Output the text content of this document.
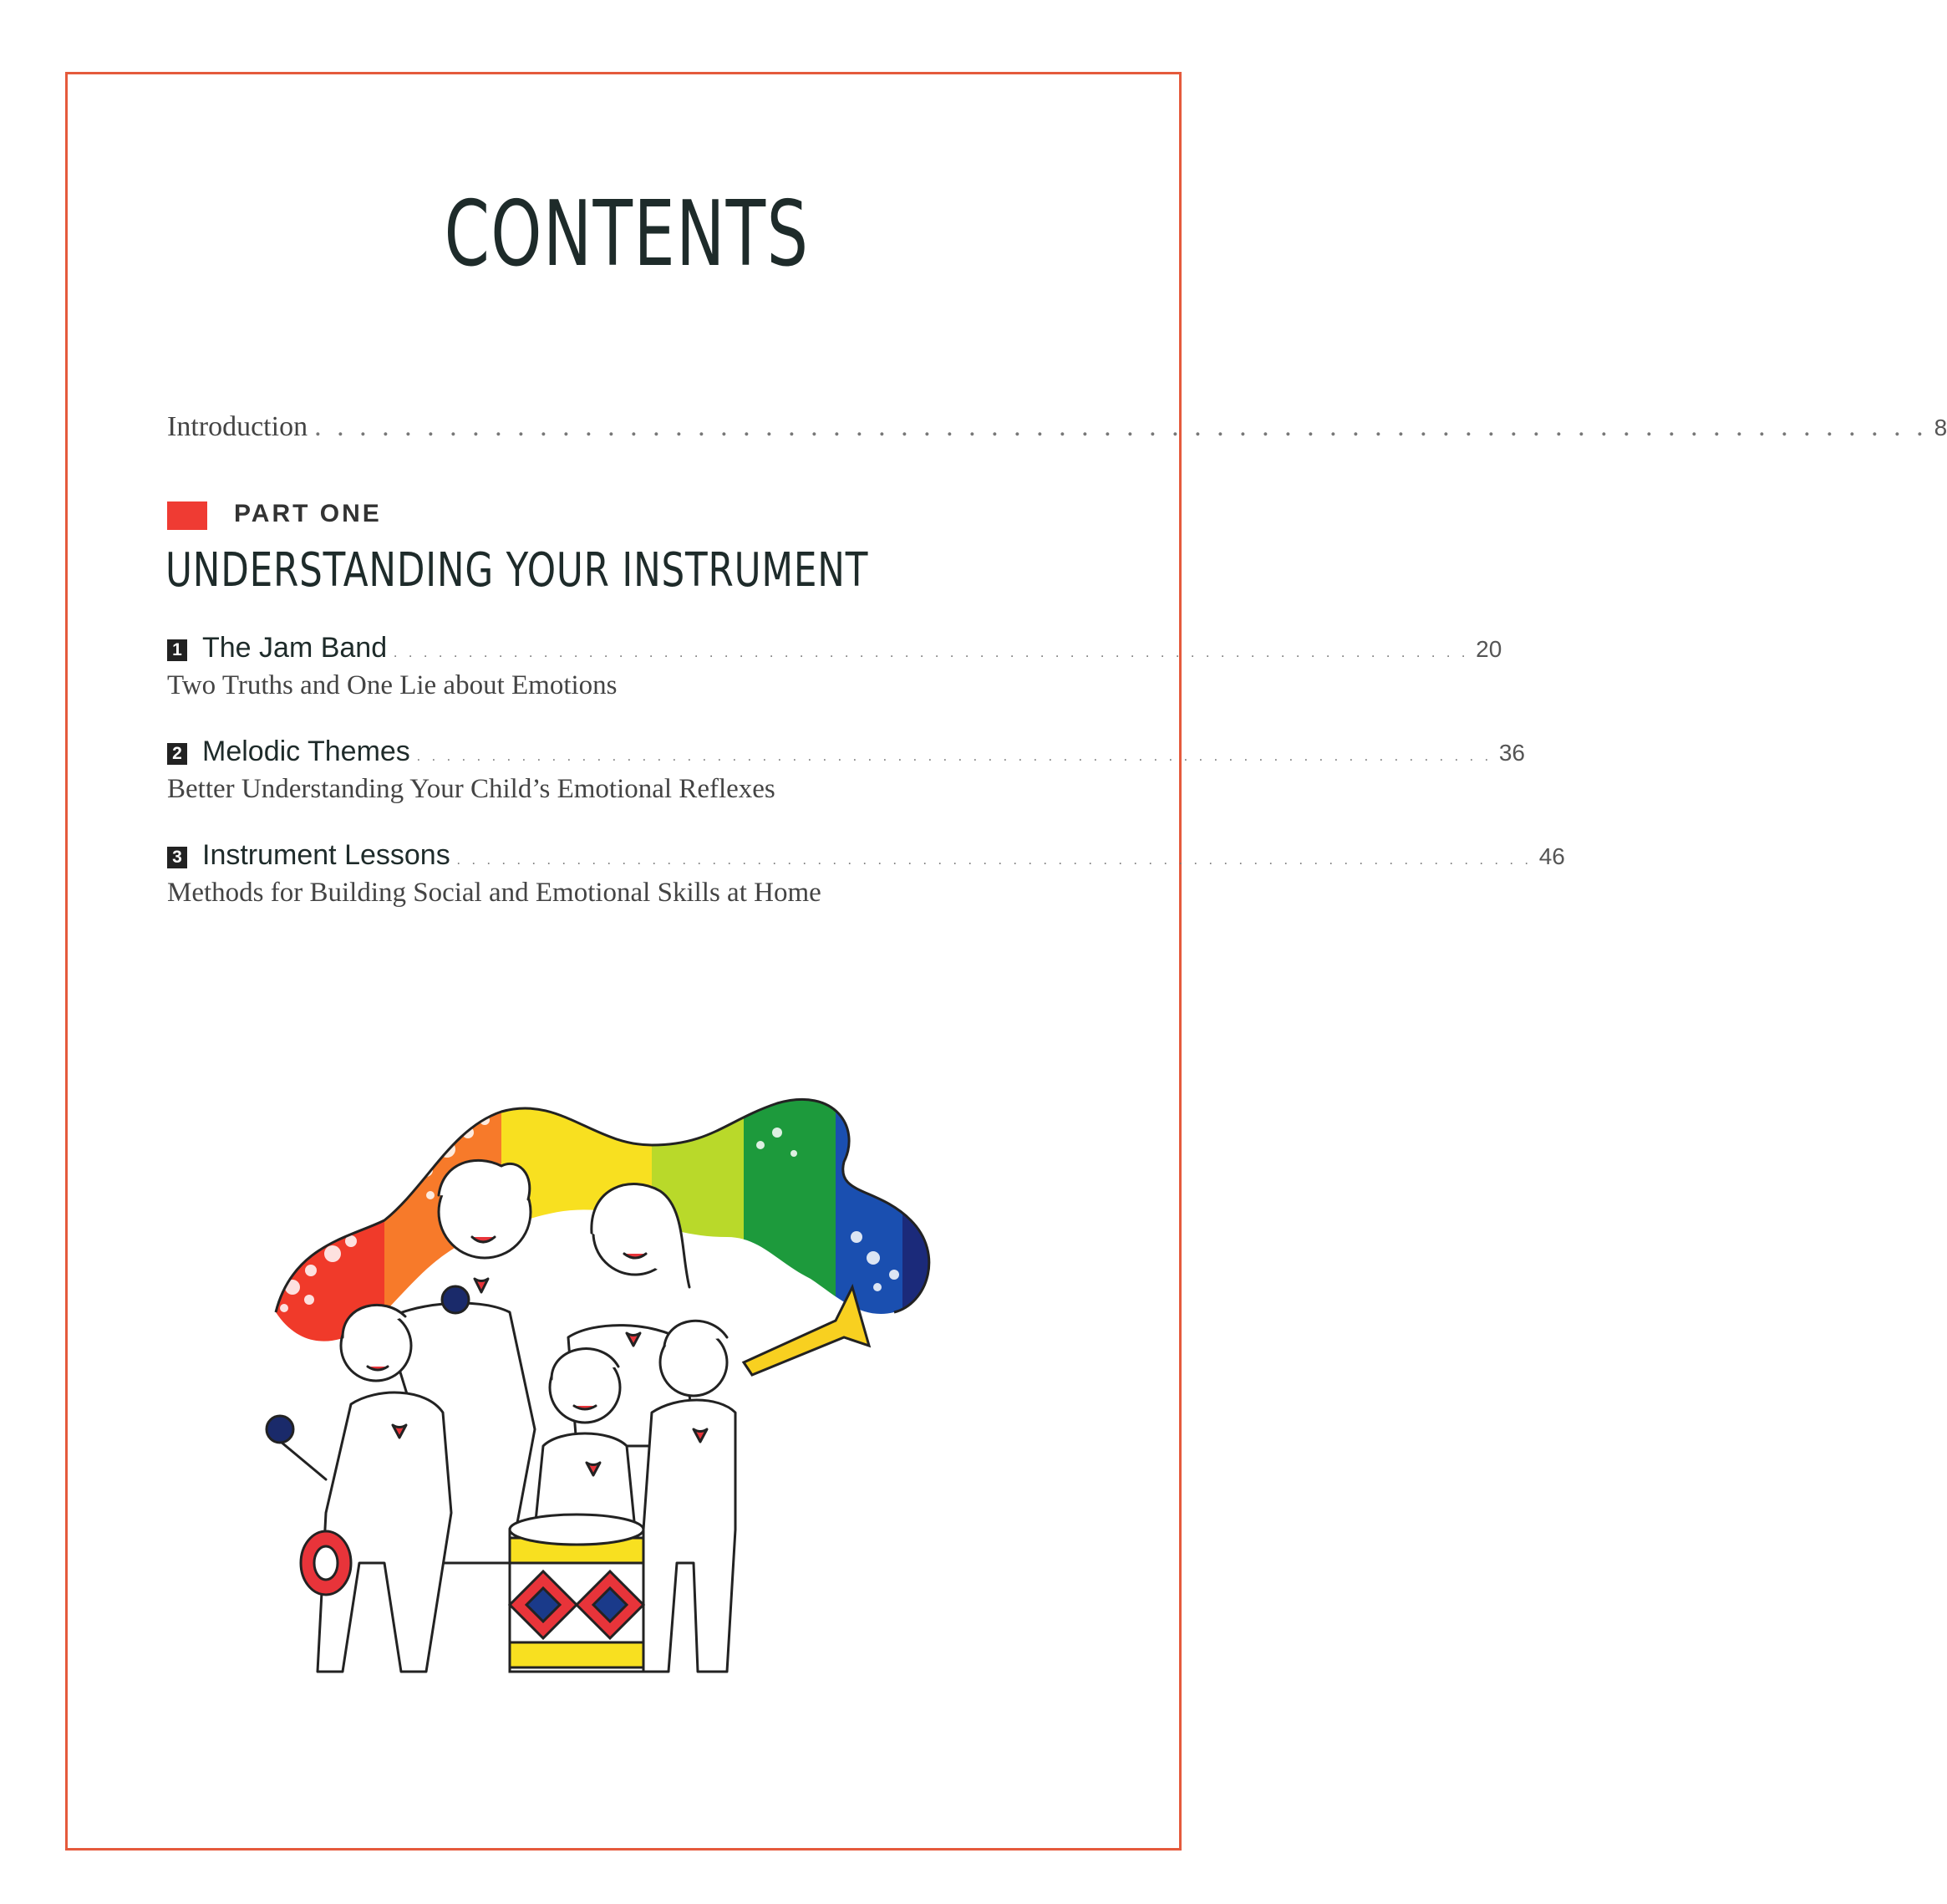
CONTENTS
Introduction . . . . . . . . . . . . . . . . . . . . . . . . . . . . . . . . . . . . . . . . . . . . . . . . . . . . . . . . . . . . . . . . . . . . . . . . 8
PART ONE
UNDERSTANDING YOUR INSTRUMENT
1 The Jam Band . . . . . . . . . . . . . . . . . . . . . . . . . . . . . . . . . . . . . . . . . . . . . . . . . . . . . . . . . . . . . . . . . . . . . . . . 20
Two Truths and One Lie about Emotions
2 Melodic Themes . . . . . . . . . . . . . . . . . . . . . . . . . . . . . . . . . . . . . . . . . . . . . . . . . . . . . . . . . . . . . . . . . . . . . . . . 36
Better Understanding Your Child’s Emotional Reflexes
3 Instrument Lessons . . . . . . . . . . . . . . . . . . . . . . . . . . . . . . . . . . . . . . . . . . . . . . . . . . . . . . . . . . . . . . . . . . . . . . . . 46
Methods for Building Social and Emotional Skills at Home
